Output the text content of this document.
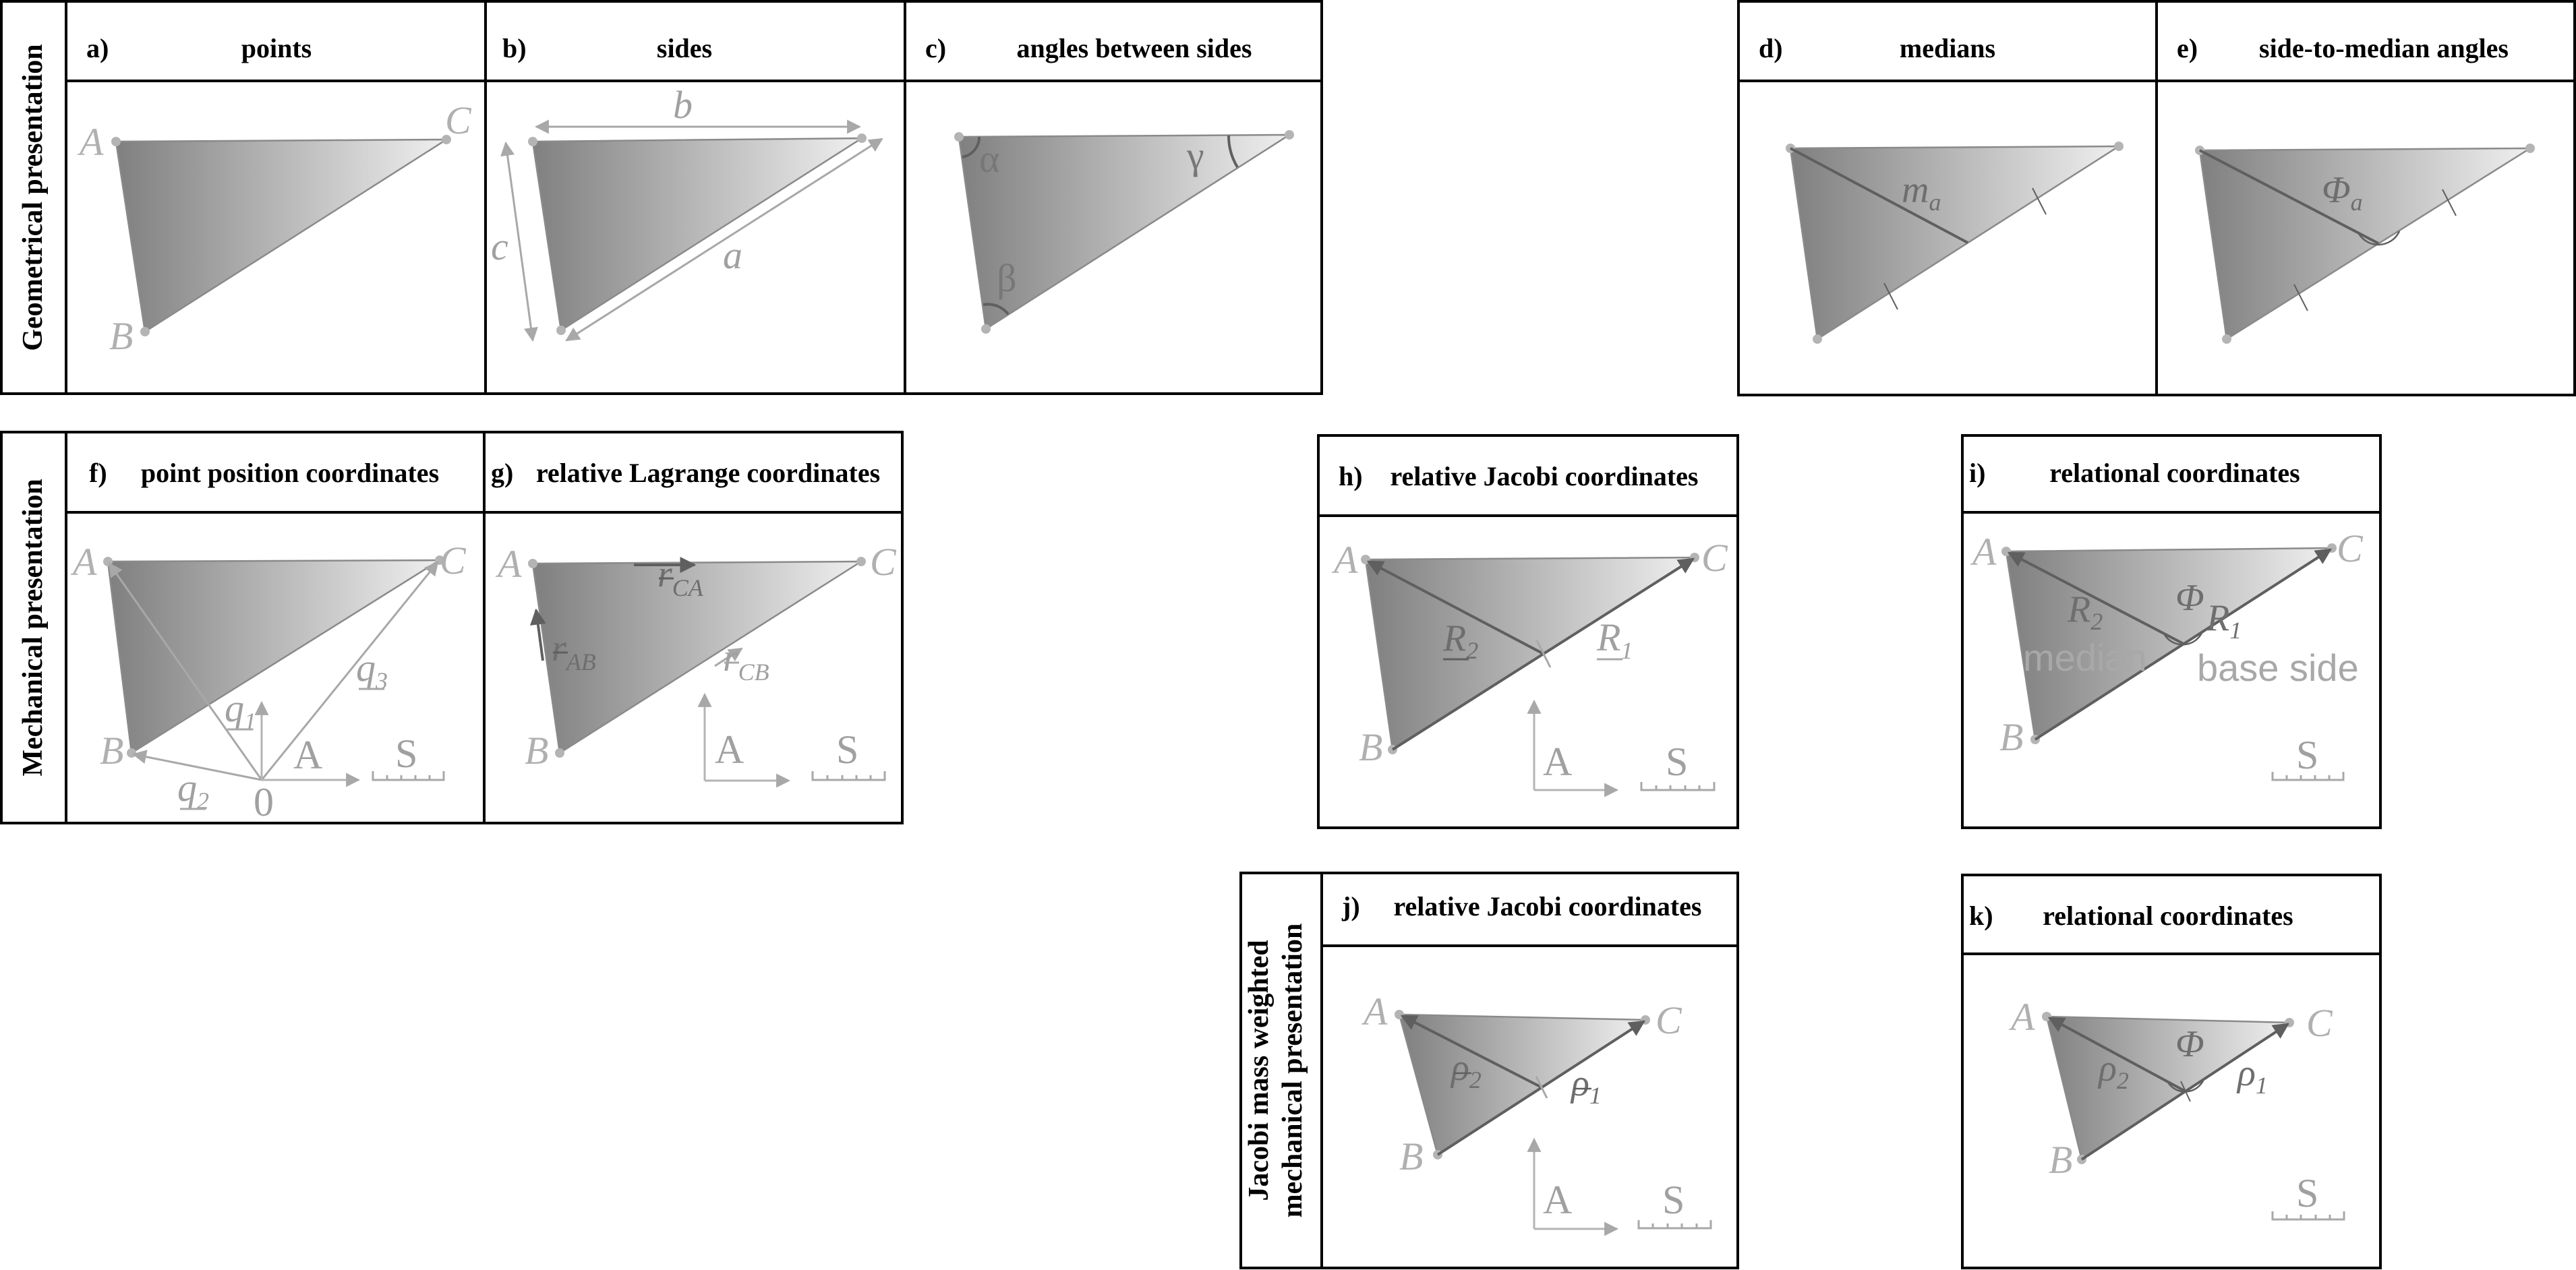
Geometrical presentation
Mechanical presentation
Jacobi mass weighted mechanical presentation
a)	points
A	C
B
b)	sides
b
c	a
c)	angles between sides
α
β
γ
d)	medians
$m_a$
e) side-to-median angles
$\Phi_a$
f) point position coordinates
A	C
B
$q_1$
$q_2$
$q_3$
0
A S
g) relative Lagrange coordinates
$r_{AB}$
$r_{CA}$
$r_{CB}$
A	C
B	A S
h) relative Jacobi coordinates
$R_2$	$R_1$
A	C
B	A S
i) relational coordinates
$R_2$	$R_1$
Φ
median base side
A	C
B	S
j) relative Jacobi coordinates
$\rho_2$ $\rho_1$
A	C
B
A S
k) relational coordinates
$\rho_2$	$\rho_1$
Φ
A	C
B
S
